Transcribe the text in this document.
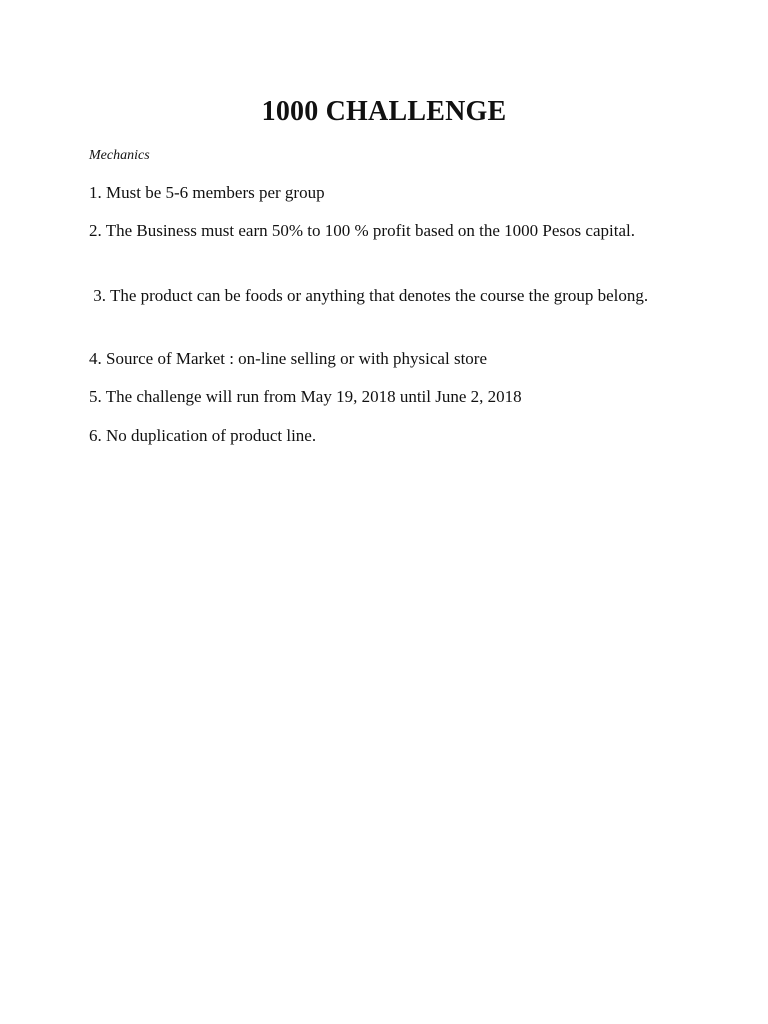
1000 CHALLENGE
Mechanics

1. Must be 5-6 members per group

2. The Business must earn 50% to 100 % profit based on the 1000 Pesos capital.

3. The product can be foods or anything that denotes the course the group belong.

4. Source of Market : on-line selling or with physical store

5. The challenge will run from May 19, 2018 until June 2, 2018

6. No duplication of product line.
